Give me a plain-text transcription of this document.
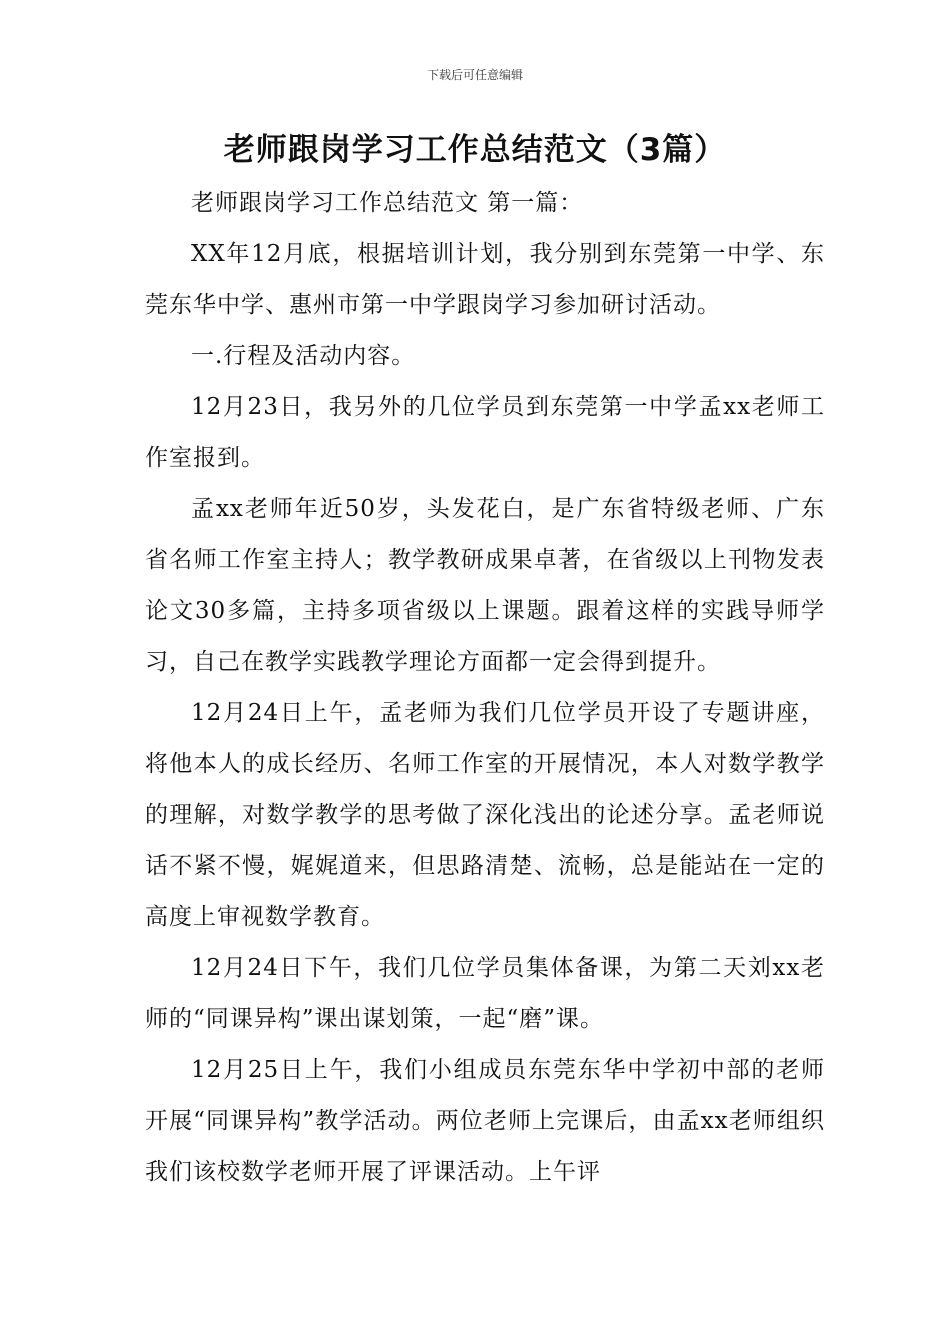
下载后可任意编辑
老师跟岗学习工作总结范文（3篇）

老师跟岗学习工作总结范文 第一篇：

XX年12月底，根据培训计划，我分别到东莞第一中学、东莞东华中学、惠州市第一中学跟岗学习参加研讨活动。

一.行程及活动内容。

12月23日，我另外的几位学员到东莞第一中学孟xx老师工作室报到。

孟xx老师年近50岁，头发花白，是广东省特级老师、广东省名师工作室主持人；教学教研成果卓著，在省级以上刊物发表论文30多篇，主持多项省级以上课题。跟着这样的实践导师学习，自己在教学实践教学理论方面都一定会得到提升。

12月24日上午，孟老师为我们几位学员开设了专题讲座，将他本人的成长经历、名师工作室的开展情况，本人对数学教学的理解，对数学教学的思考做了深化浅出的论述分享。孟老师说话不紧不慢，娓娓道来，但思路清楚、流畅，总是能站在一定的高度上审视数学教育。

12月24日下午，我们几位学员集体备课，为第二天刘xx老师的“同课异构”课出谋划策，一起“磨”课。

12月25日上午，我们小组成员东莞东华中学初中部的老师开展“同课异构”教学活动。两位老师上完课后，由孟xx老师组织我们该校数学老师开展了评课活动。上午评
